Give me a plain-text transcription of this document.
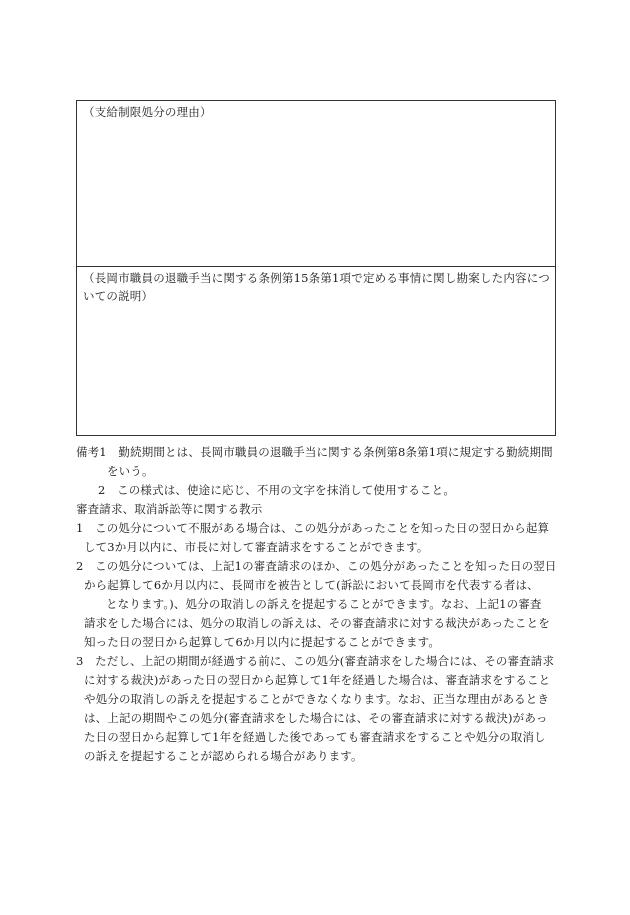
（支給制限処分の理由）
（長岡市職員の退職手当に関する条例第15条第1項で定める事情に関し勘案した内容につ
いての説明）
備考1　勤続期間とは、長岡市職員の退職手当に関する条例第8条第1項に規定する勤続期間
をいう。
2　この様式は、使途に応じ、不用の文字を抹消して使用すること。
審査請求、取消訴訟等に関する教示
1　この処分について不服がある場合は、この処分があったことを知った日の翌日から起算
して3か月以内に、市長に対して審査請求をすることができます。
2　この処分については、上記1の審査請求のほか、この処分があったことを知った日の翌日
から起算して6か月以内に、長岡市を被告として(訴訟において長岡市を代表する者は、
となります。)、処分の取消しの訴えを提起することができます。なお、上記1の審査
請求をした場合には、処分の取消しの訴えは、その審査請求に対する裁決があったことを
知った日の翌日から起算して6か月以内に提起することができます。
3　ただし、上記の期間が経過する前に、この処分(審査請求をした場合には、その審査請求
に対する裁決)があった日の翌日から起算して1年を経過した場合は、審査請求をすること
や処分の取消しの訴えを提起することができなくなります。なお、正当な理由があるとき
は、上記の期間やこの処分(審査請求をした場合には、その審査請求に対する裁決)があっ
た日の翌日から起算して1年を経過した後であっても審査請求をすることや処分の取消し
の訴えを提起することが認められる場合があります。
